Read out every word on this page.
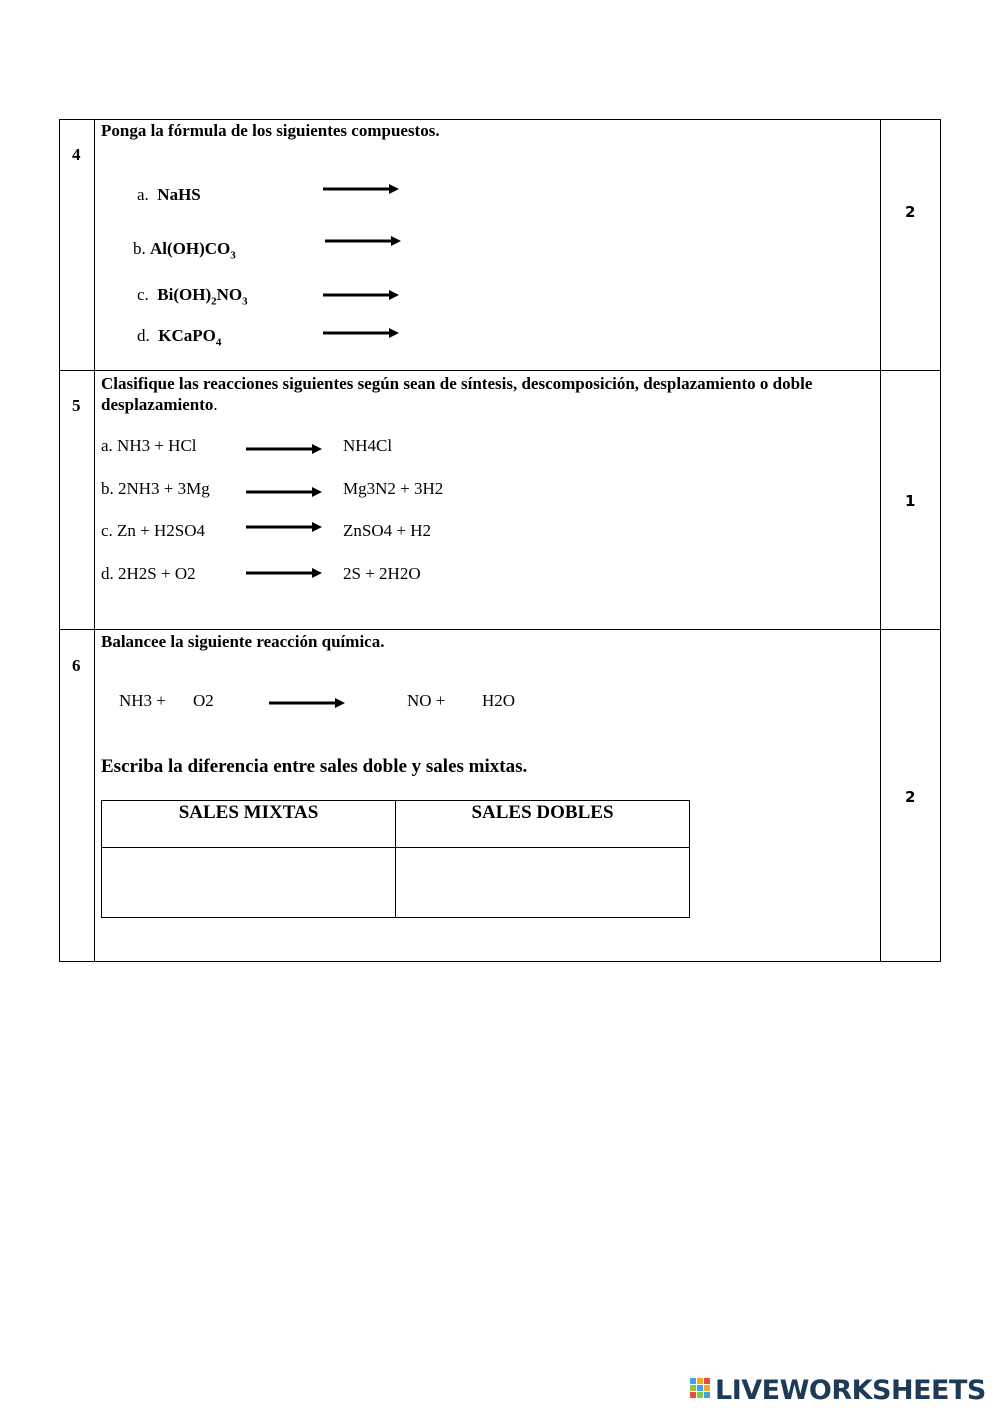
4
Ponga la fórmula de los siguientes compuestos.
a. NaHS
b. $Al(OH)CO_3$
c. $Bi(OH)_2NO_3$
d. KCaPO$_4$
2
5
Clasifique las reacciones siguientes según sean de síntesis, descomposición, desplazamiento o doble desplazamiento.
a. NH3 + HCl	NH4Cl
b. 2NH3 + 3Mg	Mg3N2 + 3H2
c. Zn + H2SO4	ZnSO4 + H2
d. 2H2S + O2	2S + 2H2O
1
6
Balancee la siguiente reacción química.
NH3 + O2	NO + H2O
Escriba la diferencia entre sales doble y sales mixtas.
SALES MIXTAS	SALES DOBLES
2
LIVEWORKSHEETS
